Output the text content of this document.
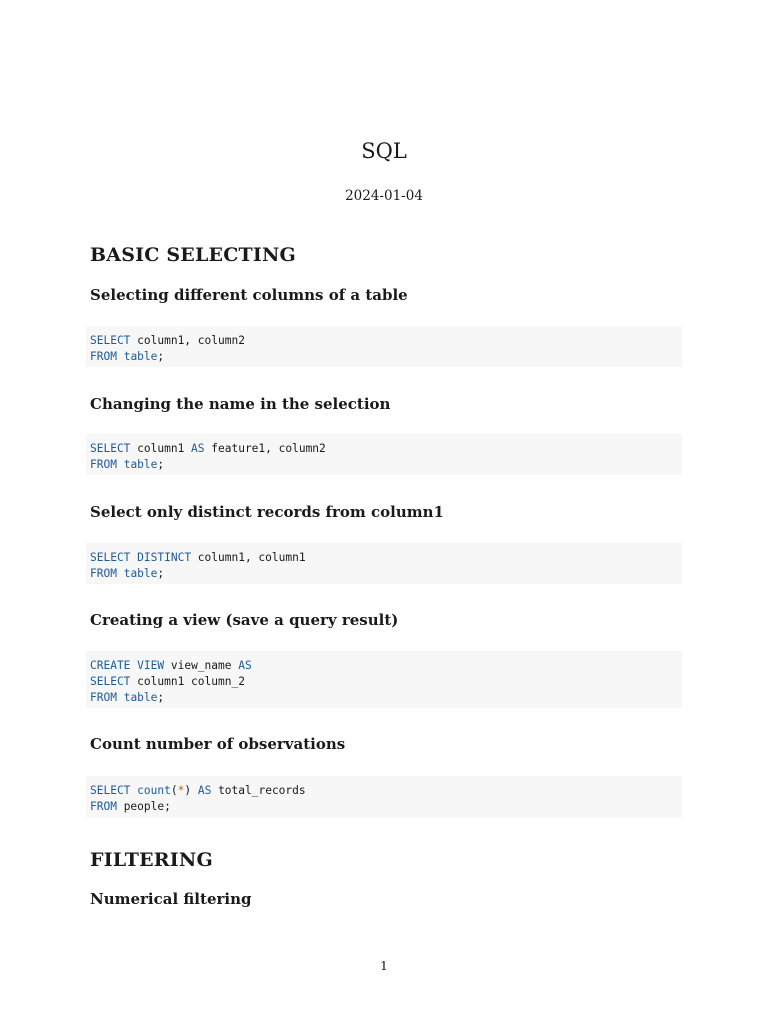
SQL
2024-01-04
BASIC SELECTING
Selecting different columns of a table
SELECT column1, column2
FROM table;
Changing the name in the selection
SELECT column1 AS feature1, column2
FROM table;
Select only distinct records from column1
SELECT DISTINCT column1, column1
FROM table;
Creating a view (save a query result)
CREATE VIEW view_name AS
SELECT column1 column_2
FROM table;
Count number of observations
SELECT count(*) AS total_records
FROM people;
FILTERING
Numerical filtering
1
